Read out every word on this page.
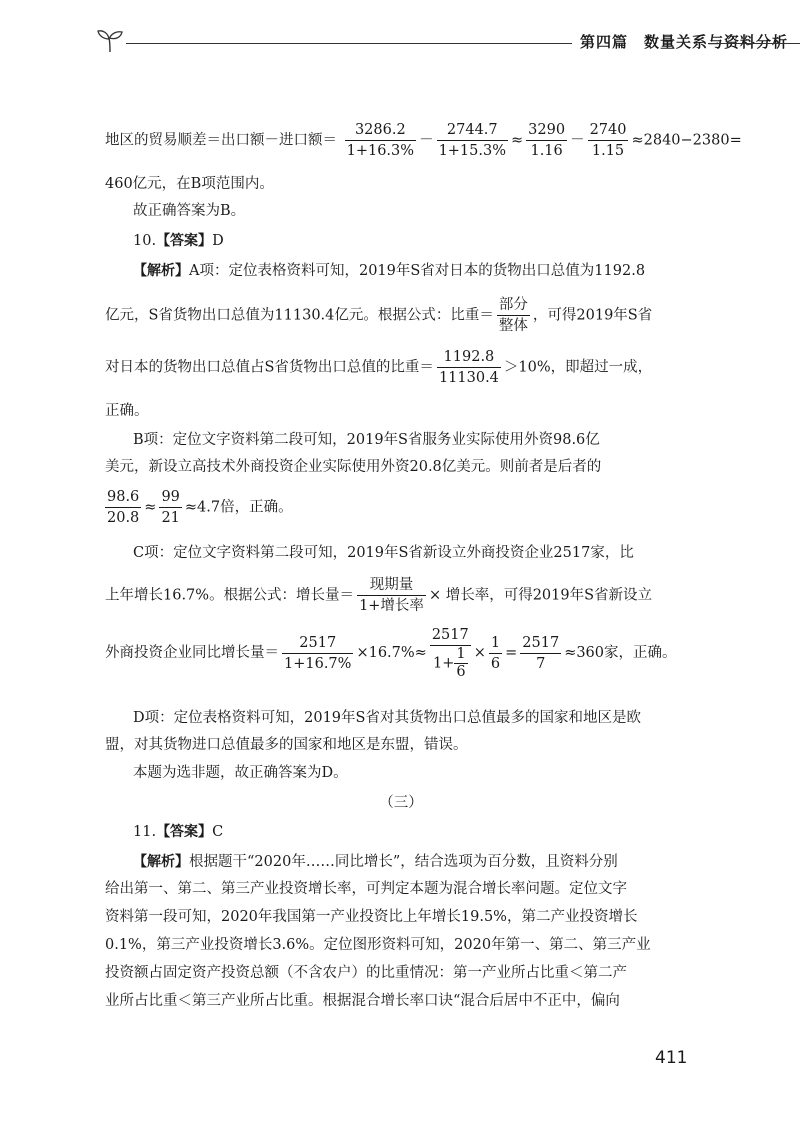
第四篇 数量关系与资料分析
地区的贸易顺差＝出口额－进口额＝ $\frac{3286.2}{1+16.3\%} - \frac{2744.7}{1+15.3\%} \approx \frac{3290}{1.16} - \frac{2740}{1.15} \approx 2840-2380=$
460亿元，在B项范围内。
故正确答案为B。
10.【答案】D
【解析】A项：定位表格资料可知，2019年S省对日本的货物出口总值为1192.8
亿元，S省货物出口总值为11130.4亿元。根据公式：比重＝ $\frac{\text{部分}}{\text{整体}}$ ，可得2019年S省
对日本的货物出口总值占S省货物出口总值的比重＝ $\frac{1192.8}{11130.4} >10\%$，即超过一成，
正确。
B项：定位文字资料第二段可知，2019年S省服务业实际使用外资98.6亿
美元，新设立高技术外商投资企业实际使用外资20.8亿美元。则前者是后者的
$\frac{98.6}{20.8} \approx \frac{99}{21} \approx 4.7$倍，正确。
C项：定位文字资料第二段可知，2019年S省新设立外商投资企业2517家，比
上年增长16.7%。根据公式：增长量＝ $\frac{\text{现期量}}{\text{1+增长率}}$ × 增长率，可得2019年S省新设立
外商投资企业同比增长量＝ $\frac{2517}{1+16.7\%} \times 16.7\%\approx \frac{2517}{1+ \frac{1}{6}} \times \frac{1}{6} = \frac{2517}{7} \approx 360$家，正确。
D项：定位表格资料可知，2019年S省对其货物出口总值最多的国家和地区是欧
盟，对其货物进口总值最多的国家和地区是东盟，错误。
本题为选非题，故正确答案为D。
（三）
11.【答案】C
【解析】根据题干“2020年……同比增长”，结合选项为百分数，且资料分别
给出第一、第二、第三产业投资增长率，可判定本题为混合增长率问题。定位文字
资料第一段可知，2020年我国第一产业投资比上年增长19.5%，第二产业投资增长
0.1%，第三产业投资增长3.6%。定位图形资料可知，2020年第一、第二、第三产业
投资额占固定资产投资总额（不含农户）的比重情况：第一产业所占比重＜第二产
业所占比重＜第三产业所占比重。根据混合增长率口诀“混合后居中不正中，偏向
411
